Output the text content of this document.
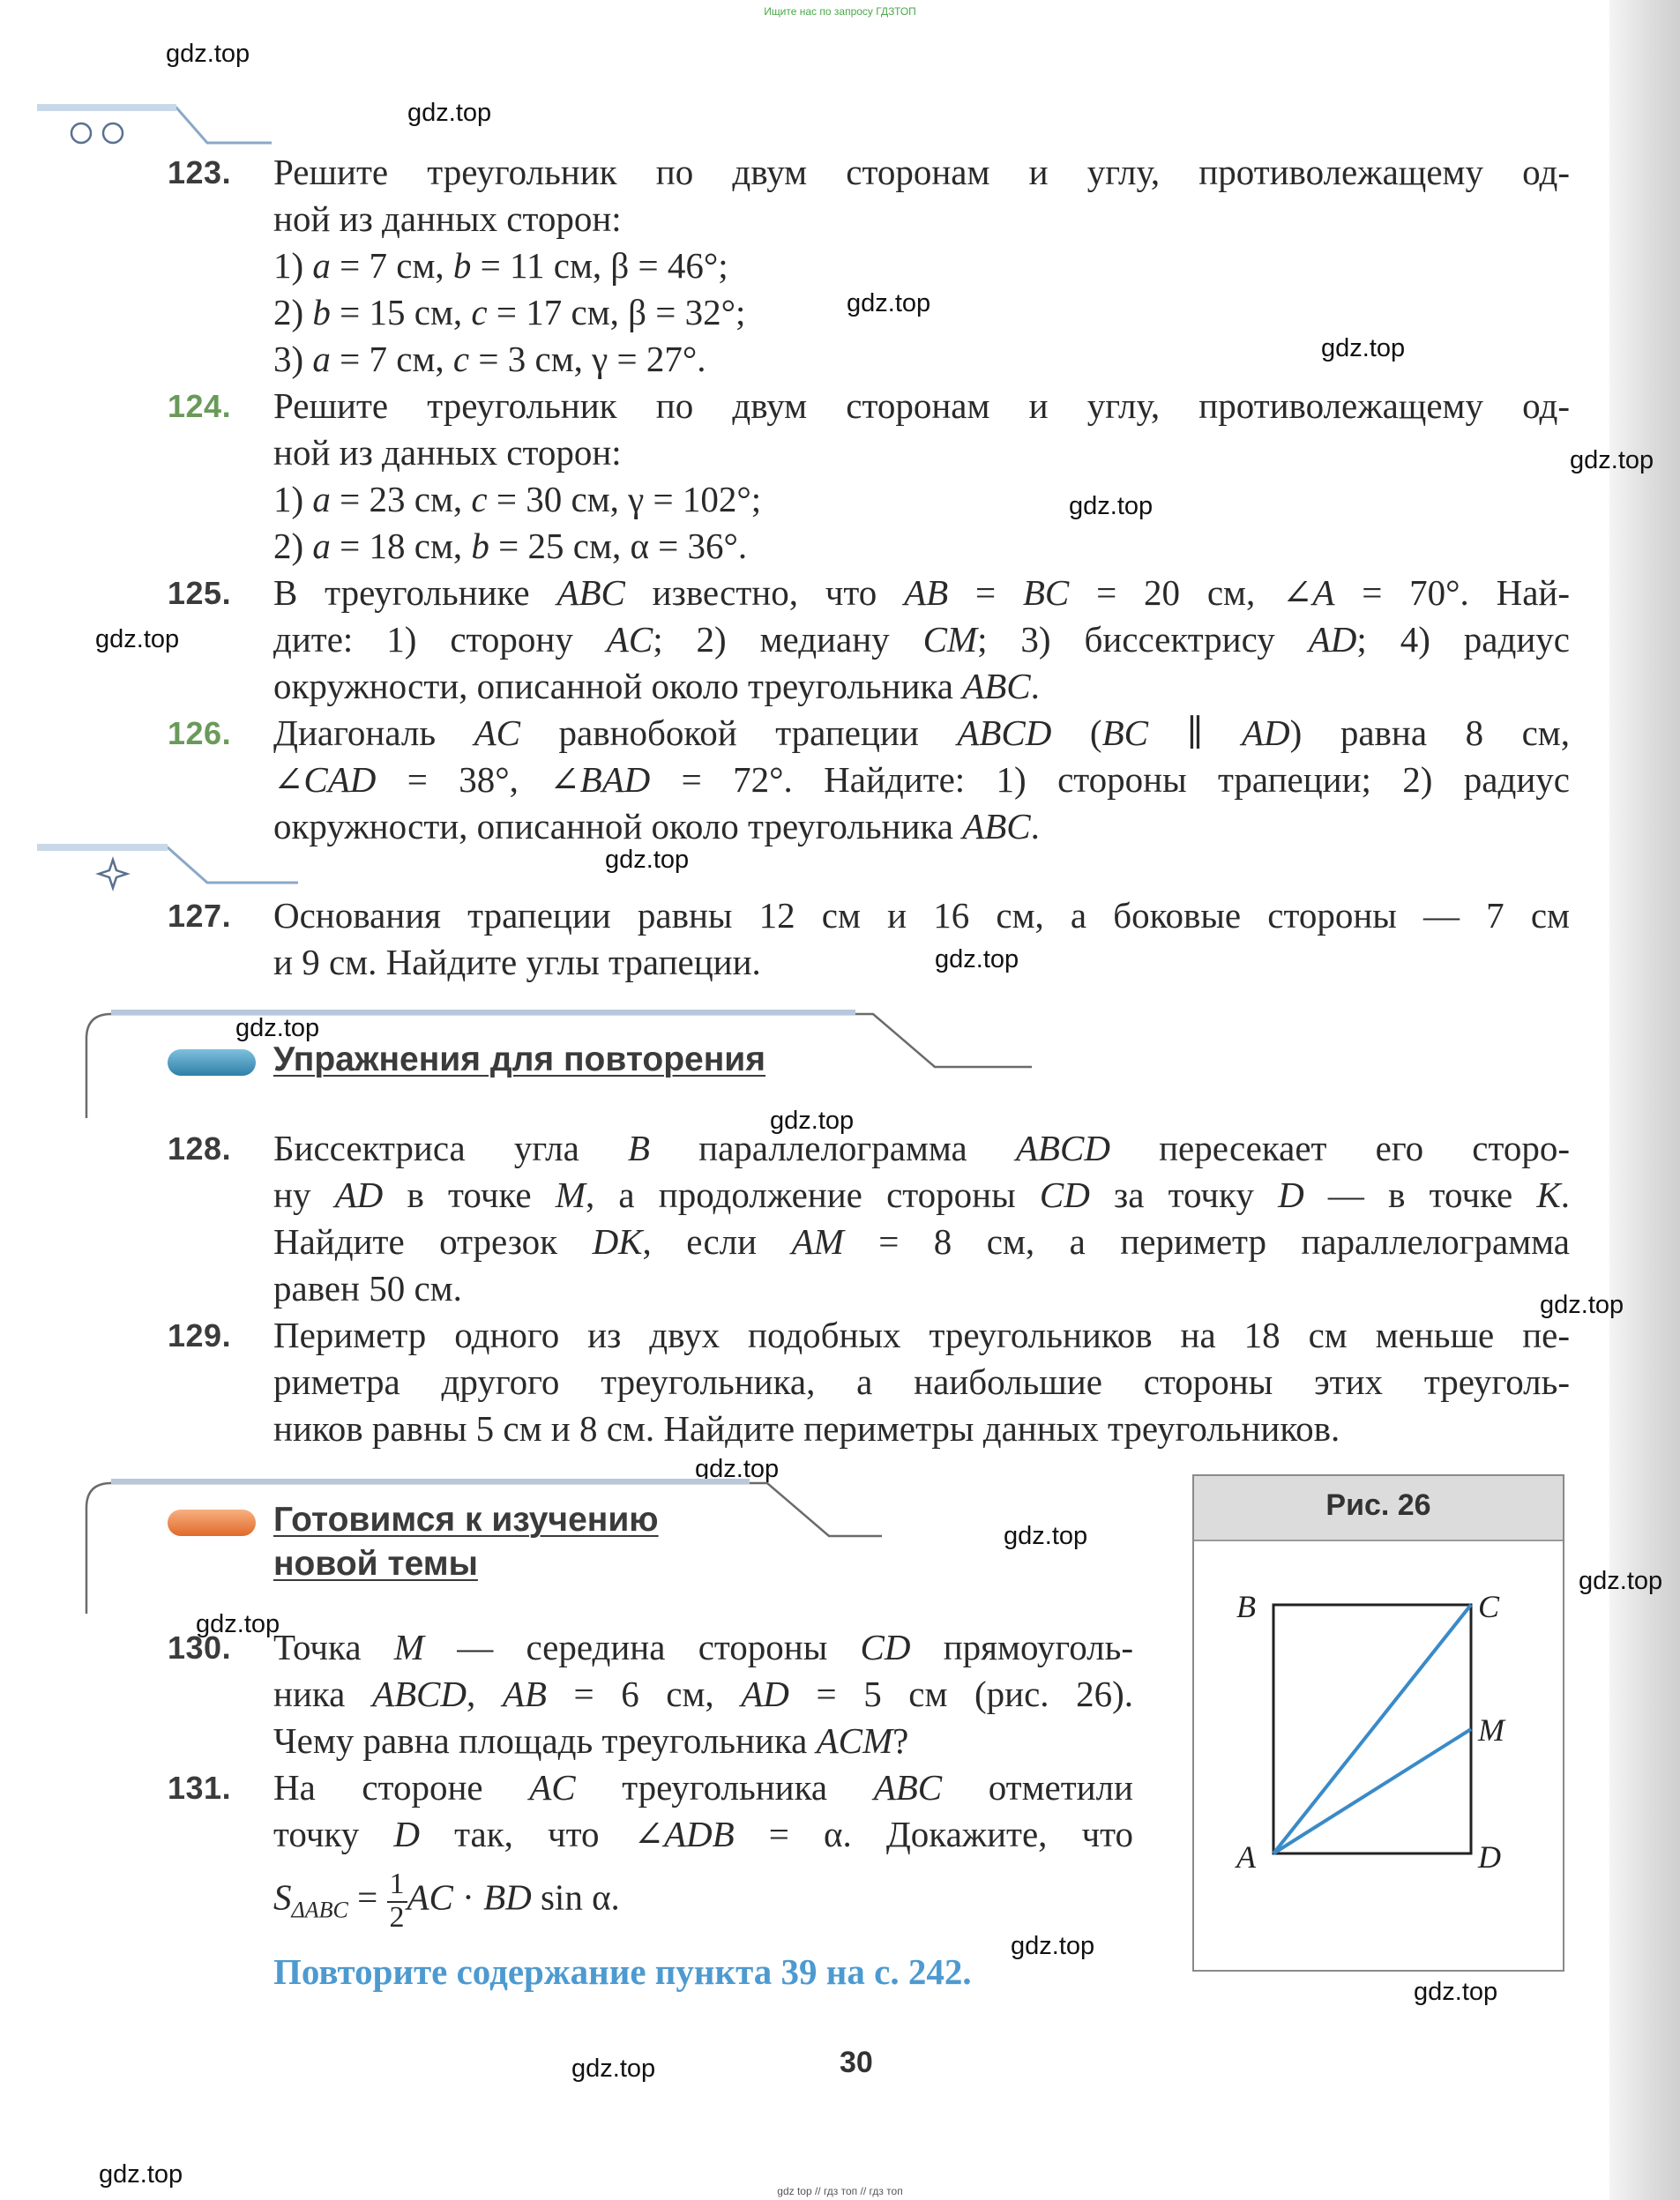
Ищите нас по запросу ГДЗТОП
gdz.top
gdz.top
gdz.top
gdz.top
gdz.top
gdz.top
gdz.top
gdz.top
gdz.top
gdz.top
gdz.top
gdz.top
gdz.top
gdz.top
gdz.top
gdz.top
gdz.top
gdz.top
gdz.top
gdz.top
123. Решите треугольник по двум сторонам и углу, противолежащему од-
ной из данных сторон:
1) a = 7 см, b = 11 см, β = 46°;
2) b = 15 см, c = 17 см, β = 32°;
3) a = 7 см, c = 3 см, γ = 27°.
124. Решите треугольник по двум сторонам и углу, противолежащему од-
ной из данных сторон:
1) a = 23 см, c = 30 см, γ = 102°;
2) a = 18 см, b = 25 см, α = 36°.
125. В треугольнике ABC известно, что AB = BC = 20 см, ∠A = 70°. Най-
дите: 1) сторону AC; 2) медиану CM; 3) биссектрису AD; 4) радиус
окружности, описанной около треугольника ABC.
126. Диагональ AC равнобокой трапеции ABCD (BC ∥ AD) равна 8 см,
∠CAD = 38°, ∠BAD = 72°. Найдите: 1) стороны трапеции; 2) радиус
окружности, описанной около треугольника ABC.
127. Основания трапеции равны 12 см и 16 см, а боковые стороны — 7 см
и 9 см. Найдите углы трапеции.
Упражнения для повторения
128. Биссектриса угла B параллелограмма ABCD пересекает его сторо-
ну AD в точке M, а продолжение стороны CD за точку D — в точке K.
Найдите отрезок DK, если AM = 8 см, а периметр параллелограмма
равен 50 см.
129. Периметр одного из двух подобных треугольников на 18 см меньше пе-
риметра другого треугольника, а наибольшие стороны этих треуголь-
ников равны 5 см и 8 см. Найдите периметры данных треугольников.
Готовимся к изучению
новой темы
130. Точка M — середина стороны CD прямоуголь-
ника ABCD, AB = 6 см, AD = 5 см (рис. 26).
Чему равна площадь треугольника ACM?
131. На стороне AC треугольника ABC отметили
точку D так, что ∠ADB = α. Докажите, что
$S_{\Delta ABC} = \frac{1}{2}$ AC · BD sin α.
Повторите содержание пункта 39 на с. 242.
30
Рис. 26
B	C
M
A	D
gdz top // гдз топ // гдз топ
